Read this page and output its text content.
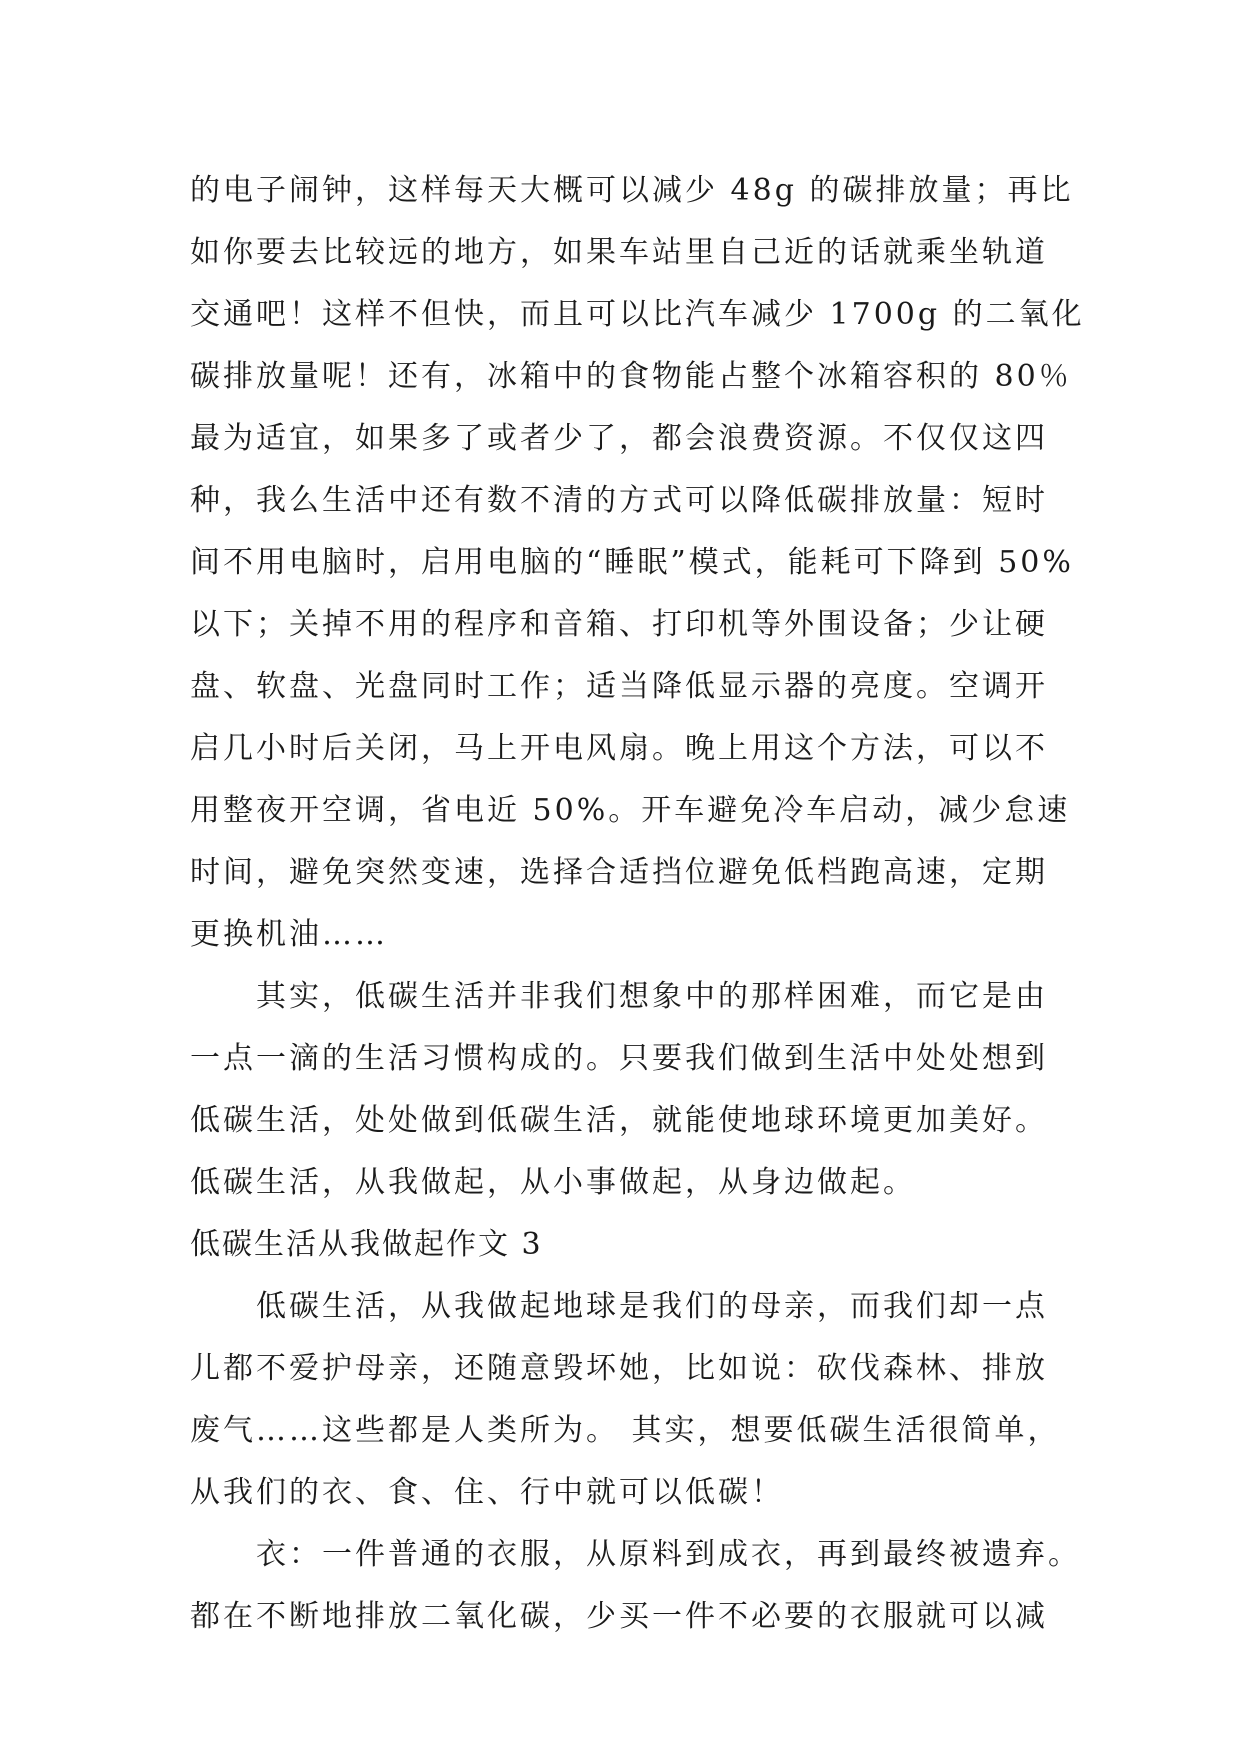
的电子闹钟，这样每天大概可以减少 48g 的碳排放量；再比

如你要去比较远的地方，如果车站里自己近的话就乘坐轨道

交通吧！这样不但快，而且可以比汽车减少 1700g 的二氧化

碳排放量呢！还有，冰箱中的食物能占整个冰箱容积的 80％

最为适宜，如果多了或者少了，都会浪费资源。不仅仅这四

种，我么生活中还有数不清的方式可以降低碳排放量：短时

间不用电脑时，启用电脑的“睡眠”模式，能耗可下降到 50%

以下；关掉不用的程序和音箱、打印机等外围设备；少让硬

盘、软盘、光盘同时工作；适当降低显示器的亮度。空调开

启几小时后关闭，马上开电风扇。晚上用这个方法，可以不

用整夜开空调，省电近 50%。开车避免冷车启动，减少怠速

时间，避免突然变速，选择合适挡位避免低档跑高速，定期

更换机油……

其实，低碳生活并非我们想象中的那样困难，而它是由

一点一滴的生活习惯构成的。只要我们做到生活中处处想到

低碳生活，处处做到低碳生活，就能使地球环境更加美好。

低碳生活，从我做起，从小事做起，从身边做起。

低碳生活从我做起作文 3

低碳生活，从我做起地球是我们的母亲，而我们却一点

儿都不爱护母亲，还随意毁坏她，比如说：砍伐森林、排放

废气……这些都是人类所为。 其实，想要低碳生活很简单，

从我们的衣、食、住、行中就可以低碳！

衣：一件普通的衣服，从原料到成衣，再到最终被遗弃。

都在不断地排放二氧化碳，少买一件不必要的衣服就可以减
